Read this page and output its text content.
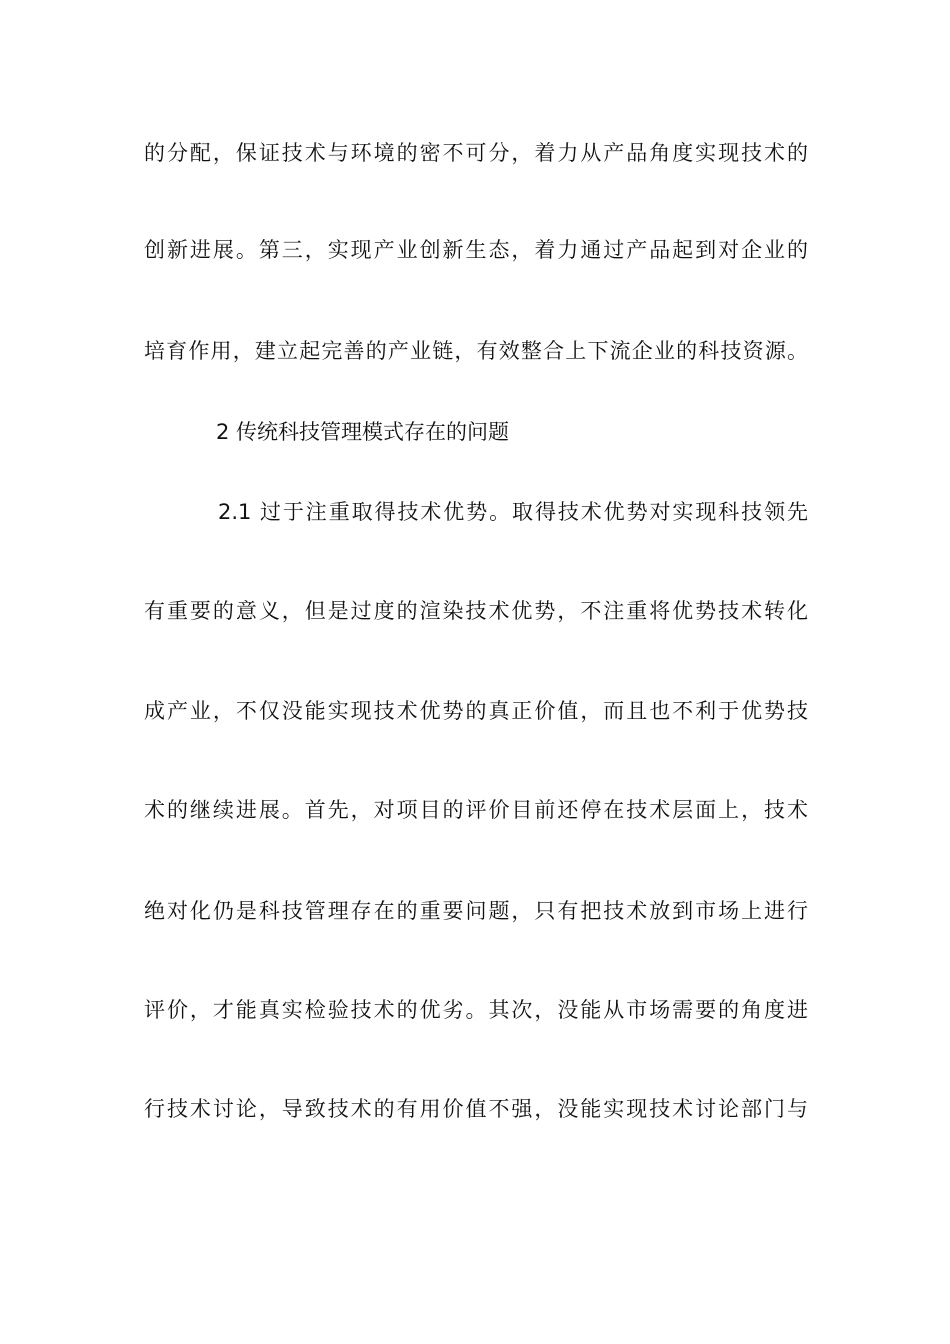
的分配，保证技术与环境的密不可分，着力从产品角度实现技术的
创新进展。第三，实现产业创新生态，着力通过产品起到对企业的
培育作用，建立起完善的产业链，有效整合上下流企业的科技资源。
2 传统科技管理模式存在的问题
2.1 过于注重取得技术优势。取得技术优势对实现科技领先
有重要的意义，但是过度的渲染技术优势，不注重将优势技术转化
成产业，不仅没能实现技术优势的真正价值，而且也不利于优势技
术的继续进展。首先，对项目的评价目前还停在技术层面上，技术
绝对化仍是科技管理存在的重要问题，只有把技术放到市场上进行
评价，才能真实检验技术的优劣。其次，没能从市场需要的角度进
行技术讨论，导致技术的有用价值不强，没能实现技术讨论部门与
